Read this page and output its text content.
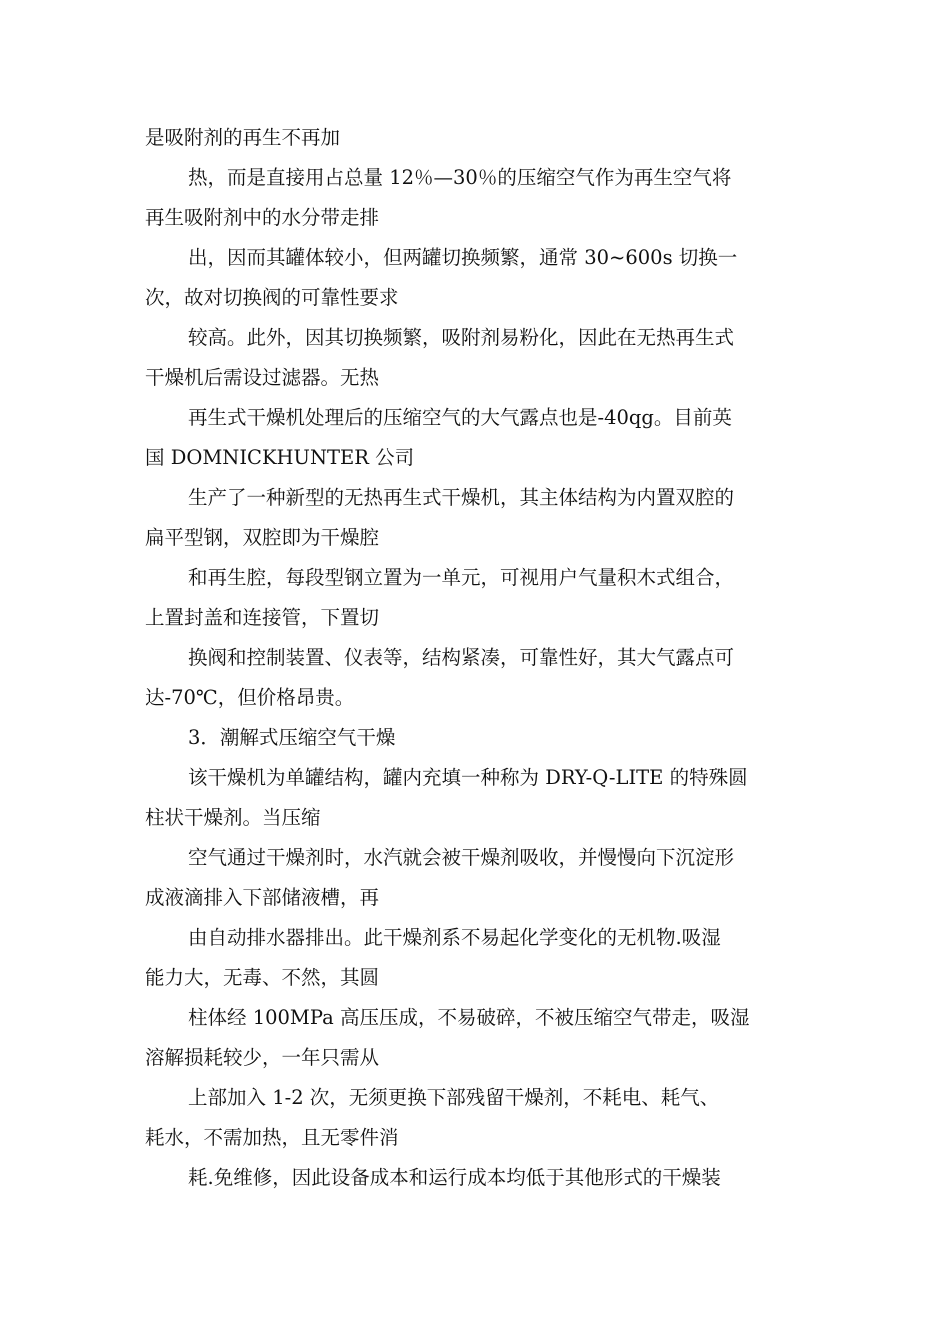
是吸附剂的再生不再加

热，而是直接用占总量 12％—30％的压缩空气作为再生空气将
再生吸附剂中的水分带走排

出，因而其罐体较小，但两罐切换频繁，通常 30~600s 切换一
次，故对切换阀的可靠性要求

较高。此外，因其切换频繁，吸附剂易粉化，因此在无热再生式
干燥机后需设过滤器。无热

再生式干燥机处理后的压缩空气的大气露点也是-40qg。目前英
国 DOMNICKHUNTER 公司

生产了一种新型的无热再生式干燥机，其主体结构为内置双腔的
扁平型钢，双腔即为干燥腔

和再生腔，每段型钢立置为一单元，可视用户气量积木式组合，
上置封盖和连接管，下置切

换阀和控制装置、仪表等，结构紧凑，可靠性好，其大气露点可
达-70℃，但价格昂贵。

3．潮解式压缩空气干燥

该干燥机为单罐结构，罐内充填一种称为 DRY-Q-LITE 的特殊圆
柱状干燥剂。当压缩

空气通过干燥剂时，水汽就会被干燥剂吸收，并慢慢向下沉淀形
成液滴排入下部储液槽，再

由自动排水器排出。此干燥剂系不易起化学变化的无机物.吸湿
能力大，无毒、不然，其圆

柱体经 100MPa 高压压成，不易破碎，不被压缩空气带走，吸湿
溶解损耗较少，一年只需从

上部加入 1-2 次，无须更换下部残留干燥剂，不耗电、耗气、
耗水，不需加热，且无零件消

耗.免维修，因此设备成本和运行成本均低于其他形式的干燥装
